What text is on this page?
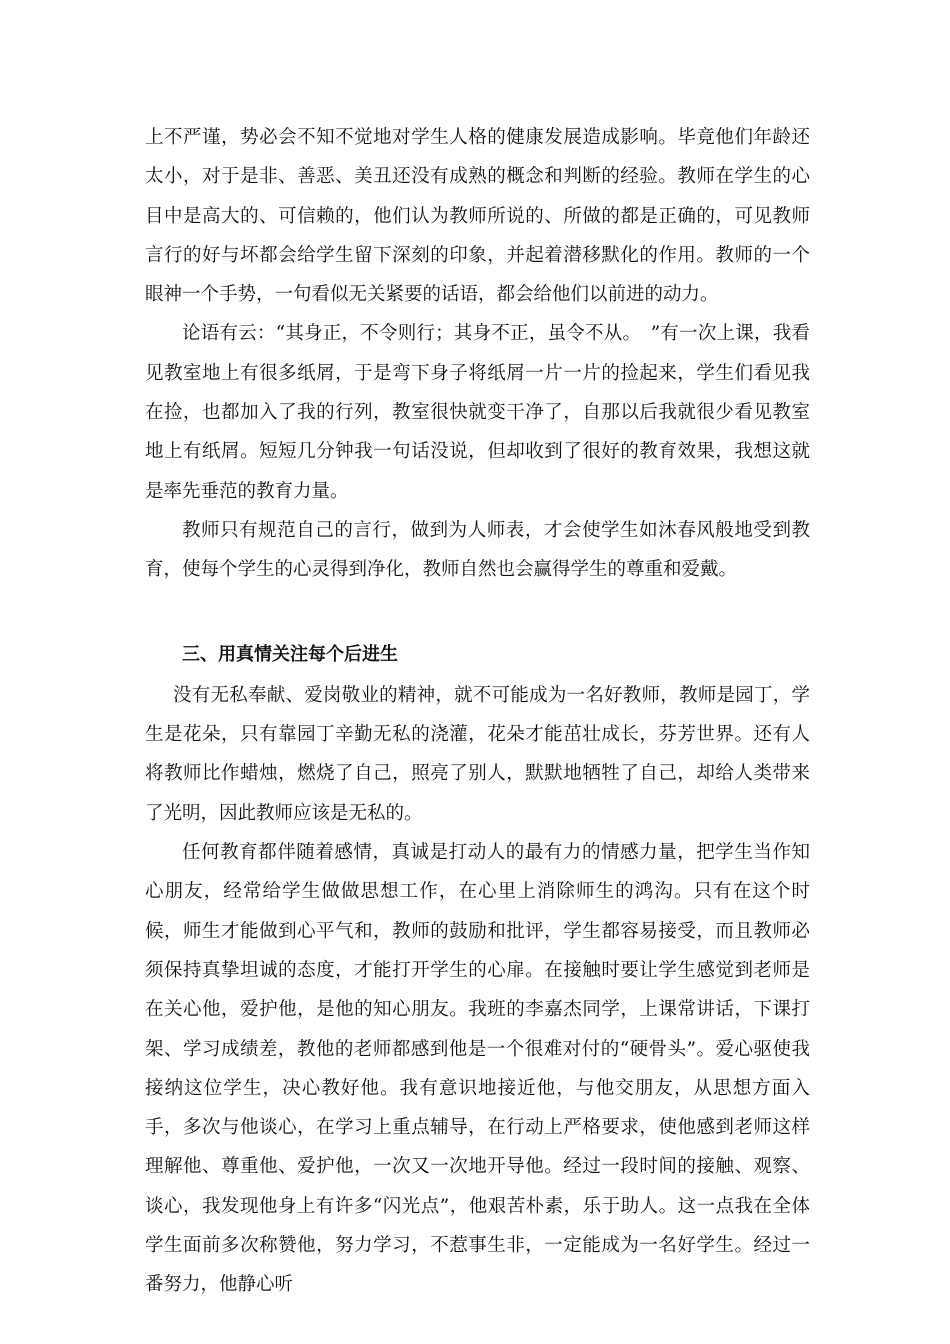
上不严谨，势必会不知不觉地对学生人格的健康发展造成影响。毕竟他们年龄还太小，对于是非、善恶、美丑还没有成熟的概念和判断的经验。教师在学生的心目中是高大的、可信赖的，他们认为教师所说的、所做的都是正确的，可见教师言行的好与坏都会给学生留下深刻的印象，并起着潜移默化的作用。教师的一个眼神一个手势，一句看似无关紧要的话语，都会给他们以前进的动力。

论语有云：“其身正，不令则行；其身不正，虽令不从。　”有一次上课，我看见教室地上有很多纸屑，于是弯下身子将纸屑一片一片的捡起来，学生们看见我在捡，也都加入了我的行列，教室很快就变干净了，自那以后我就很少看见教室地上有纸屑。短短几分钟我一句话没说，但却收到了很好的教育效果，我想这就是率先垂范的教育力量。

教师只有规范自己的言行，做到为人师表，才会使学生如沐春风般地受到教育，使每个学生的心灵得到净化，教师自然也会赢得学生的尊重和爱戴。

三、用真情关注每个后进生

没有无私奉献、爱岗敬业的精神，就不可能成为一名好教师，教师是园丁，学生是花朵，只有靠园丁辛勤无私的浇灌，花朵才能茁壮成长，芬芳世界。还有人将教师比作蜡烛，燃烧了自己，照亮了别人，默默地牺牲了自己，却给人类带来了光明，因此教师应该是无私的。

任何教育都伴随着感情，真诚是打动人的最有力的情感力量，把学生当作知心朋友，经常给学生做做思想工作，在心里上消除师生的鸿沟。只有在这个时候，师生才能做到心平气和，教师的鼓励和批评，学生都容易接受，而且教师必须保持真挚坦诚的态度，才能打开学生的心扉。在接触时要让学生感觉到老师是在关心他，爱护他，是他的知心朋友。我班的李嘉杰同学，上课常讲话，下课打架、学习成绩差，教他的老师都感到他是一个很难对付的“硬骨头”。爱心驱使我接纳这位学生，决心教好他。我有意识地接近他，与他交朋友，从思想方面入手，多次与他谈心，在学习上重点辅导，在行动上严格要求，使他感到老师这样理解他、尊重他、爱护他，一次又一次地开导他。经过一段时间的接触、观察、谈心，我发现他身上有许多“闪光点”，他艰苦朴素，乐于助人。这一点我在全体学生面前多次称赞他，努力学习，不惹事生非，一定能成为一名好学生。经过一番努力，他静心听
